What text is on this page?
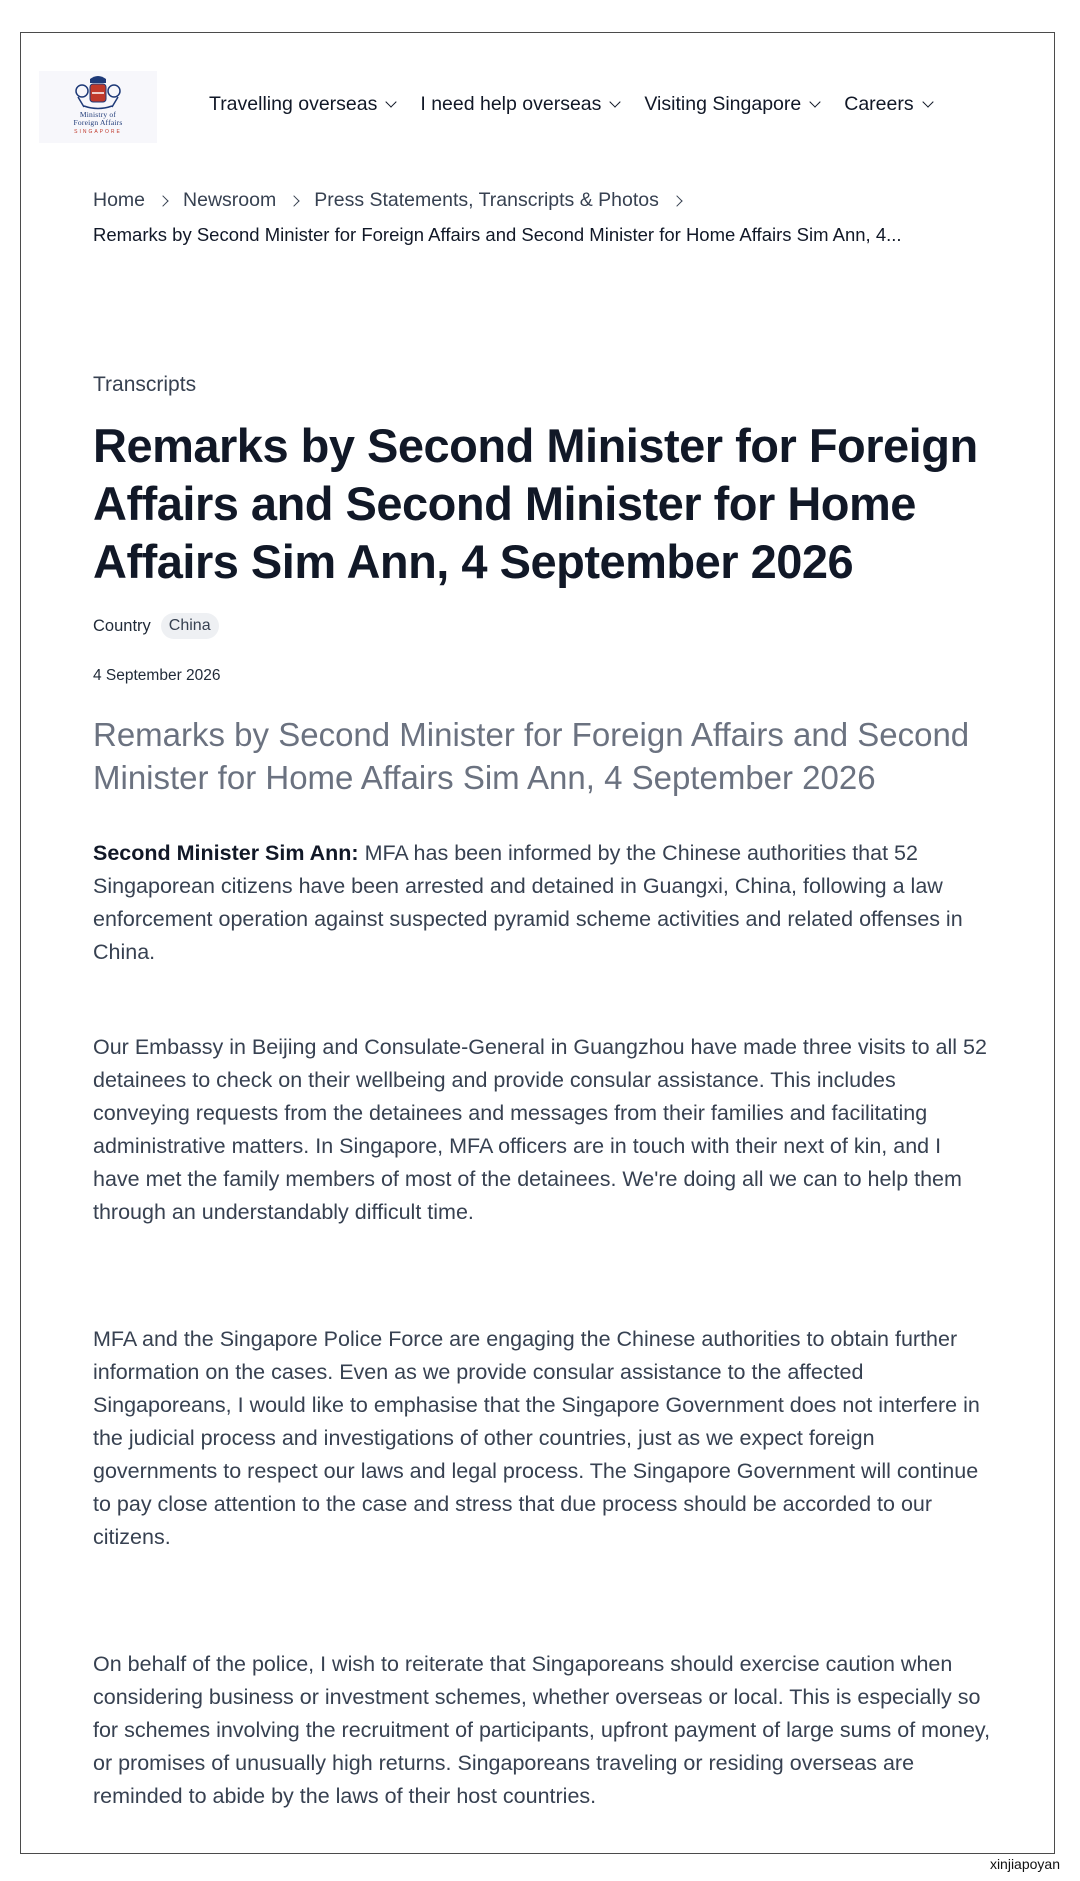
Ministry of
Foreign Affairs
SINGAPORE
Travelling overseas I need help overseas Visiting Singapore Careers
Home Newsroom Press Statements, Transcripts & Photos
Remarks by Second Minister for Foreign Affairs and Second Minister for Home Affairs Sim Ann, 4...
Transcripts
Remarks by Second Minister for Foreign Affairs and Second Minister for Home Affairs Sim Ann, 4 September 2026
Country	China
4 September 2026
Remarks by Second Minister for Foreign Affairs and Second Minister for Home Affairs Sim Ann, 4 September 2026

Second Minister Sim Ann: MFA has been informed by the Chinese authorities that 52 Singaporean citizens have been arrested and detained in Guangxi, China, following a law enforcement operation against suspected pyramid scheme activities and related offenses in China.

Our Embassy in Beijing and Consulate-General in Guangzhou have made three visits to all 52 detainees to check on their wellbeing and provide consular assistance. This includes conveying requests from the detainees and messages from their families and facilitating administrative matters. In Singapore, MFA officers are in touch with their next of kin, and I have met the family members of most of the detainees. We're doing all we can to help them through an understandably difficult time.

MFA and the Singapore Police Force are engaging the Chinese authorities to obtain further information on the cases. Even as we provide consular assistance to the affected Singaporeans, I would like to emphasise that the Singapore Government does not interfere in the judicial process and investigations of other countries, just as we expect foreign governments to respect our laws and legal process. The Singapore Government will continue to pay close attention to the case and stress that due process should be accorded to our citizens.

On behalf of the police, I wish to reiterate that Singaporeans should exercise caution when considering business or investment schemes, whether overseas or local. This is especially so for schemes involving the recruitment of participants, upfront payment of large sums of money, or promises of unusually high returns. Singaporeans traveling or residing overseas are reminded to abide by the laws of their host countries.

xinjiapoyan
